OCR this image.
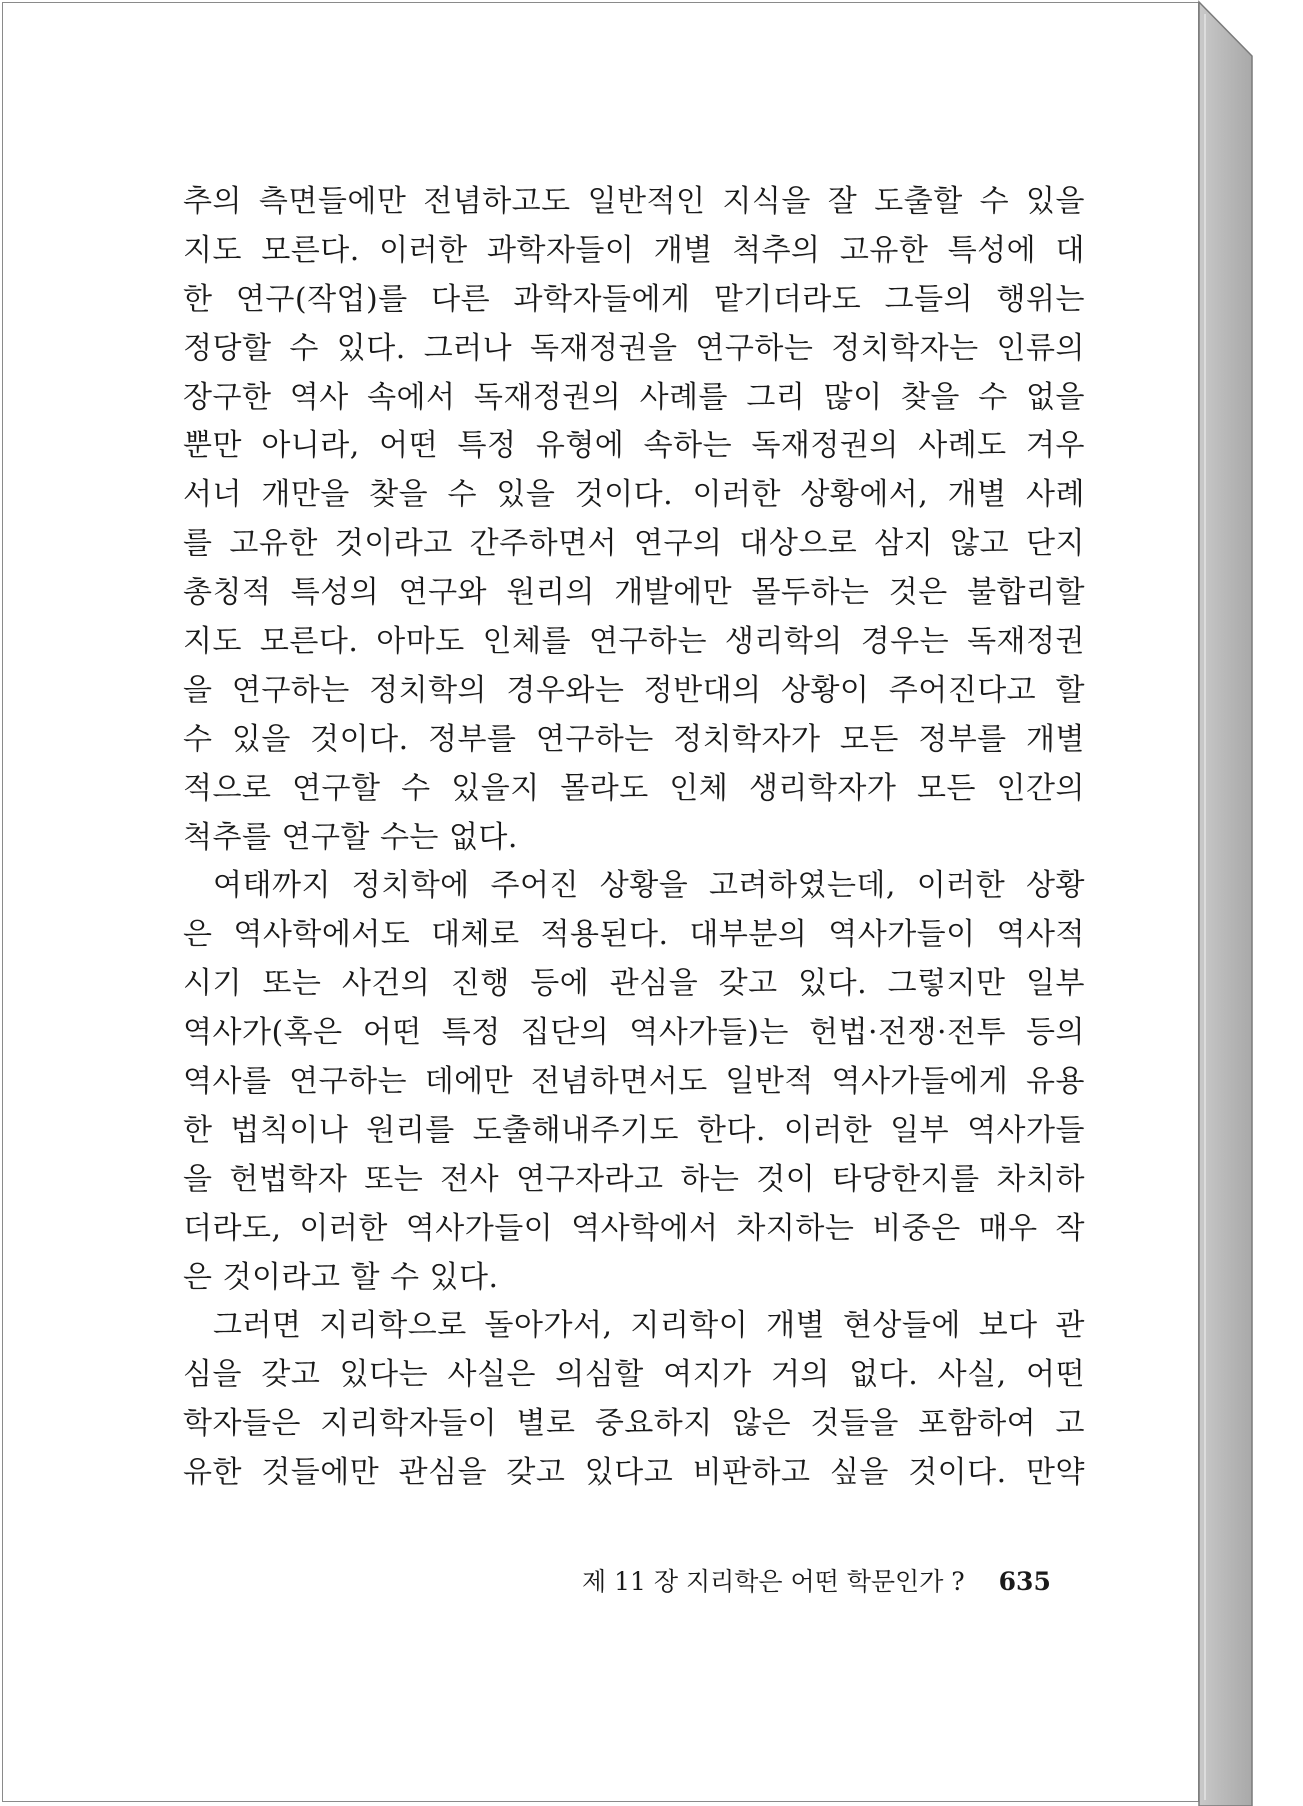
추의 측면들에만 전념하고도 일반적인 지식을 잘 도출할 수 있을
지도 모른다. 이러한 과학자들이 개별 척추의 고유한 특성에 대
한 연구(작업)를 다른 과학자들에게 맡기더라도 그들의 행위는
정당할 수 있다. 그러나 독재정권을 연구하는 정치학자는 인류의
장구한 역사 속에서 독재정권의 사례를 그리 많이 찾을 수 없을
뿐만 아니라, 어떤 특정 유형에 속하는 독재정권의 사례도 겨우
서너 개만을 찾을 수 있을 것이다. 이러한 상황에서, 개별 사례
를 고유한 것이라고 간주하면서 연구의 대상으로 삼지 않고 단지
총칭적 특성의 연구와 원리의 개발에만 몰두하는 것은 불합리할
지도 모른다. 아마도 인체를 연구하는 생리학의 경우는 독재정권
을 연구하는 정치학의 경우와는 정반대의 상황이 주어진다고 할
수 있을 것이다. 정부를 연구하는 정치학자가 모든 정부를 개별
적으로 연구할 수 있을지 몰라도 인체 생리학자가 모든 인간의
척추를 연구할 수는 없다.
여태까지 정치학에 주어진 상황을 고려하였는데, 이러한 상황
은 역사학에서도 대체로 적용된다. 대부분의 역사가들이 역사적
시기 또는 사건의 진행 등에 관심을 갖고 있다. 그렇지만 일부
역사가(혹은 어떤 특정 집단의 역사가들)는 헌법·전쟁·전투 등의
역사를 연구하는 데에만 전념하면서도 일반적 역사가들에게 유용
한 법칙이나 원리를 도출해내주기도 한다. 이러한 일부 역사가들
을 헌법학자 또는 전사 연구자라고 하는 것이 타당한지를 차치하
더라도, 이러한 역사가들이 역사학에서 차지하는 비중은 매우 작
은 것이라고 할 수 있다.
그러면 지리학으로 돌아가서, 지리학이 개별 현상들에 보다 관
심을 갖고 있다는 사실은 의심할 여지가 거의 없다. 사실, 어떤
학자들은 지리학자들이 별로 중요하지 않은 것들을 포함하여 고
유한 것들에만 관심을 갖고 있다고 비판하고 싶을 것이다. 만약
제 11 장 지리학은 어떤 학문인가 ? 635
